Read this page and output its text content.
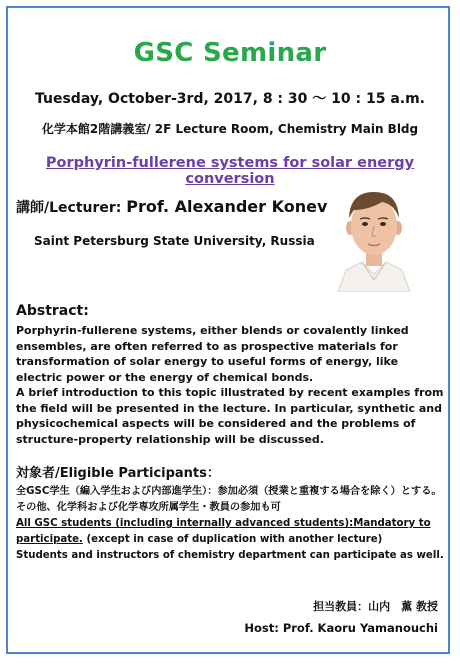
GSC Seminar
Tuesday, October-3rd, 2017, 8 : 30 ～ 10 : 15 a.m.
化学本館2階講義室/ 2F Lecture Room, Chemistry Main Bldg
Porphyrin-fullerene systems for solar energy conversion
講師/Lecturer: Prof. Alexander Konev
Saint Petersburg State University, Russia
Abstract:

Porphyrin-fullerene systems, either blends or covalently linked ensembles, are often referred to as prospective materials for transformation of solar energy to useful forms of energy, like electric power or the energy of chemical bonds.

A brief introduction to this topic illustrated by recent examples from the field will be presented in the lecture. In particular, synthetic and physicochemical aspects will be considered and the problems of structure-property relationship will be discussed.

対象者/Eligible Participants：
全GSC学生（編入学生および内部進学生）：参加必須（授業と重複する場合を除く）とする。
その他、化学科および化学専攻所属学生・教員の参加も可
All GSC students (including internally advanced students):Mandatory to participate. (except in case of duplication with another lecture)
Students and instructors of chemistry department can participate as well.
担当教員：山内　薫 教授
Host: Prof. Kaoru Yamanouchi
